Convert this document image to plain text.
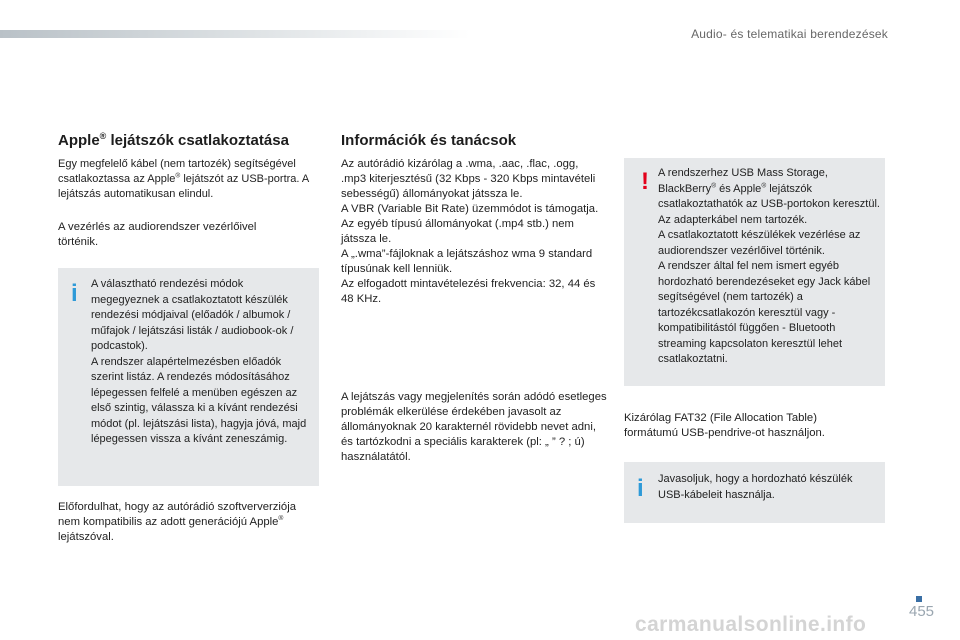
Audio- és telematikai berendezések
Apple® lejátszók csatlakoztatása

Egy megfelelő kábel (nem tartozék) segítségével csatlakoztassa az Apple® lejátszót az USB-portra. A lejátszás automatikusan elindul.

A vezérlés az audiorendszer vezérlőivel történik.

i A választható rendezési módok megegyeznek a csatlakoztatott készülék rendezési módjaival (előadók / albumok / műfajok / lejátszási listák / audiobook-ok / podcastok).
A rendszer alapértelmezésben előadók szerint listáz. A rendezés módosításához lépegessen felfelé a menüben egészen az első szintig, válassza ki a kívánt rendezési módot (pl. lejátszási lista), hagyja jóvá, majd lépegessen vissza a kívánt zeneszámig.

Előfordulhat, hogy az autórádió szoftververziója nem kompatibilis az adott generációjú Apple® lejátszóval.

Információk és tanácsok

Az autórádió kizárólag a .wma, .aac, .flac, .ogg, .mp3 kiterjesztésű (32 Kbps - 320 Kbps mintavételi sebességű) állományokat játssza le.
A VBR (Variable Bit Rate) üzemmódot is támogatja.
Az egyéb típusú állományokat (.mp4 stb.) nem játssza le.
A „.wma”-fájloknak a lejátszáshoz wma 9 standard típusúnak kell lenniük.
Az elfogadott mintavételezési frekvencia: 32, 44 és 48 KHz.

A lejátszás vagy megjelenítés során adódó esetleges problémák elkerülése érdekében javasolt az állományoknak 20 karakternél rövidebb nevet adni, és tartózkodni a speciális karakterek (pl: „ ” ? ; ú) használatától.

! A rendszerhez USB Mass Storage, BlackBerry® és Apple® lejátszók csatlakoztathatók az USB-portokon keresztül. Az adapterkábel nem tartozék.
A csatlakoztatott készülékek vezérlése az audiorendszer vezérlőivel történik.
A rendszer által fel nem ismert egyéb hordozható berendezéseket egy Jack kábel segítségével (nem tartozék) a tartozékcsatlakozón keresztül vagy - kompatibilitástól függően - Bluetooth streaming kapcsolaton keresztül lehet csatlakoztatni.

Kizárólag FAT32 (File Allocation Table) formátumú USB-pendrive-ot használjon.

i Javasoljuk, hogy a hordozható készülék USB-kábeleit használja.

455
carmanualsonline.info
